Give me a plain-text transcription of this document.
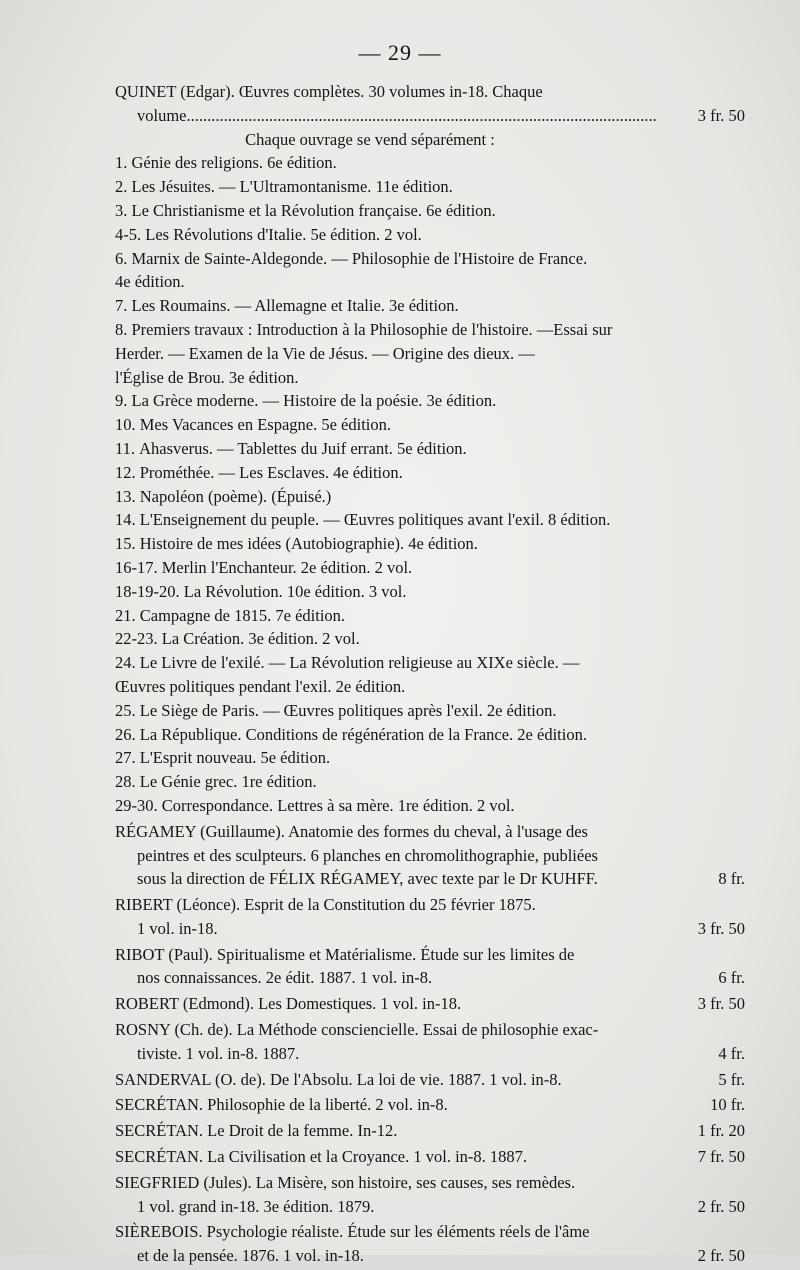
— 29 —
QUINET (Edgar). Œuvres complètes. 30 volumes in-18. Chaque
volume ..................................................................................................................	3 fr. 50
Chaque ouvrage se vend séparément :
1. Génie des religions. 6e édition.
2. Les Jésuites. — L'Ultramontanisme. 11e édition.
3. Le Christianisme et la Révolution française. 6e édition.
4-5. Les Révolutions d'Italie. 5e édition. 2 vol.
6. Marnix de Sainte-Aldegonde. — Philosophie de l'Histoire de France.
4e édition.
7. Les Roumains. — Allemagne et Italie. 3e édition.
8. Premiers travaux : Introduction à la Philosophie de l'histoire. —Essai sur
Herder. — Examen de la Vie de Jésus. — Origine des dieux. —
l'Église de Brou. 3e édition.
9. La Grèce moderne. — Histoire de la poésie. 3e édition.
10. Mes Vacances en Espagne. 5e édition.
11. Ahasverus. — Tablettes du Juif errant. 5e édition.
12. Prométhée. — Les Esclaves. 4e édition.
13. Napoléon (poème). (Épuisé.)
14. L'Enseignement du peuple. — Œuvres politiques avant l'exil. 8 édition.
15. Histoire de mes idées (Autobiographie). 4e édition.
16-17. Merlin l'Enchanteur. 2e édition. 2 vol.
18-19-20. La Révolution. 10e édition. 3 vol.
21. Campagne de 1815. 7e édition.
22-23. La Création. 3e édition. 2 vol.
24. Le Livre de l'exilé. — La Révolution religieuse au XIXe siècle. —
Œuvres politiques pendant l'exil. 2e édition.
25. Le Siège de Paris. — Œuvres politiques après l'exil. 2e édition.
26. La République. Conditions de régénération de la France. 2e édition.
27. L'Esprit nouveau. 5e édition.
28. Le Génie grec. 1re édition.
29-30. Correspondance. Lettres à sa mère. 1re édition. 2 vol.
RÉGAMEY (Guillaume). Anatomie des formes du cheval, à l'usage des
peintres et des sculpteurs. 6 planches en chromolithographie, publiées
sous la direction de FÉLIX RÉGAMEY, avec texte par le Dr KUHFF.	8 fr.
RIBERT (Léonce). Esprit de la Constitution du 25 février 1875.
1 vol. in-18.	3 fr. 50
RIBOT (Paul). Spiritualisme et Matérialisme. Étude sur les limites de
nos connaissances. 2e édit. 1887. 1 vol. in-8.	6 fr.
ROBERT (Edmond). Les Domestiques. 1 vol. in-18.	3 fr. 50
ROSNY (Ch. de). La Méthode consciencielle. Essai de philosophie exac-
tiviste. 1 vol. in-8. 1887.	4 fr.
SANDERVAL (O. de). De l'Absolu. La loi de vie. 1887. 1 vol. in-8.	5 fr.
SECRÉTAN. Philosophie de la liberté. 2 vol. in-8.	10 fr.
SECRÉTAN. Le Droit de la femme. In-12.	1 fr. 20
SECRÉTAN. La Civilisation et la Croyance. 1 vol. in-8. 1887.	7 fr. 50
SIEGFRIED (Jules). La Misère, son histoire, ses causes, ses remèdes.
1 vol. grand in-18. 3e édition. 1879.	2 fr. 50
SIÈREBOIS. Psychologie réaliste. Étude sur les éléments réels de l'âme
et de la pensée. 1876. 1 vol. in-18.	2 fr. 50
